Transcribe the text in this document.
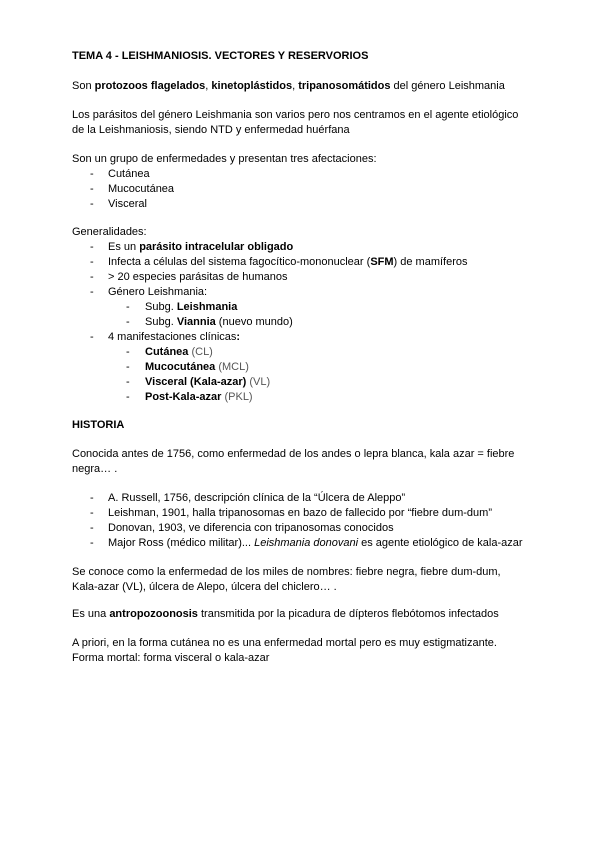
TEMA 4 - LEISHMANIOSIS. VECTORES Y RESERVORIOS
Son protozoos flagelados, kinetoplástidos, tripanosomátidos del género Leishmania
Los parásitos del género Leishmania son varios pero nos centramos en el agente etiológico
de la Leishmaniosis, siendo NTD y enfermedad huérfana
Son un grupo de enfermedades y presentan tres afectaciones:
- Cutánea
- Mucocutánea
- Visceral
Generalidades:
- Es un parásito intracelular obligado
- Infecta a células del sistema fagocítico-mononuclear (SFM) de mamíferos
- > 20 especies parásitas de humanos
- Género Leishmania:
- Subg. Leishmania
- Subg. Viannia (nuevo mundo)
- 4 manifestaciones clínicas:
- Cutánea (CL)
- Mucocutánea (MCL)
- Visceral (Kala-azar) (VL)
- Post-Kala-azar (PKL)
HISTORIA
Conocida antes de 1756, como enfermedad de los andes o lepra blanca, kala azar = fiebre
negra… .
- A. Russell, 1756, descripción clínica de la “Úlcera de Aleppo”
- Leishman, 1901, halla tripanosomas en bazo de fallecido por “fiebre dum-dum”
- Donovan, 1903, ve diferencia con tripanosomas conocidos
- Major Ross (médico militar)... Leishmania donovani es agente etiológico de kala-azar
Se conoce como la enfermedad de los miles de nombres: fiebre negra, fiebre dum-dum,
Kala-azar (VL), úlcera de Alepo, úlcera del chiclero… .
Es una antropozoonosis transmitida por la picadura de dípteros flebótomos infectados
A priori, en la forma cutánea no es una enfermedad mortal pero es muy estigmatizante.
Forma mortal: forma visceral o kala-azar
